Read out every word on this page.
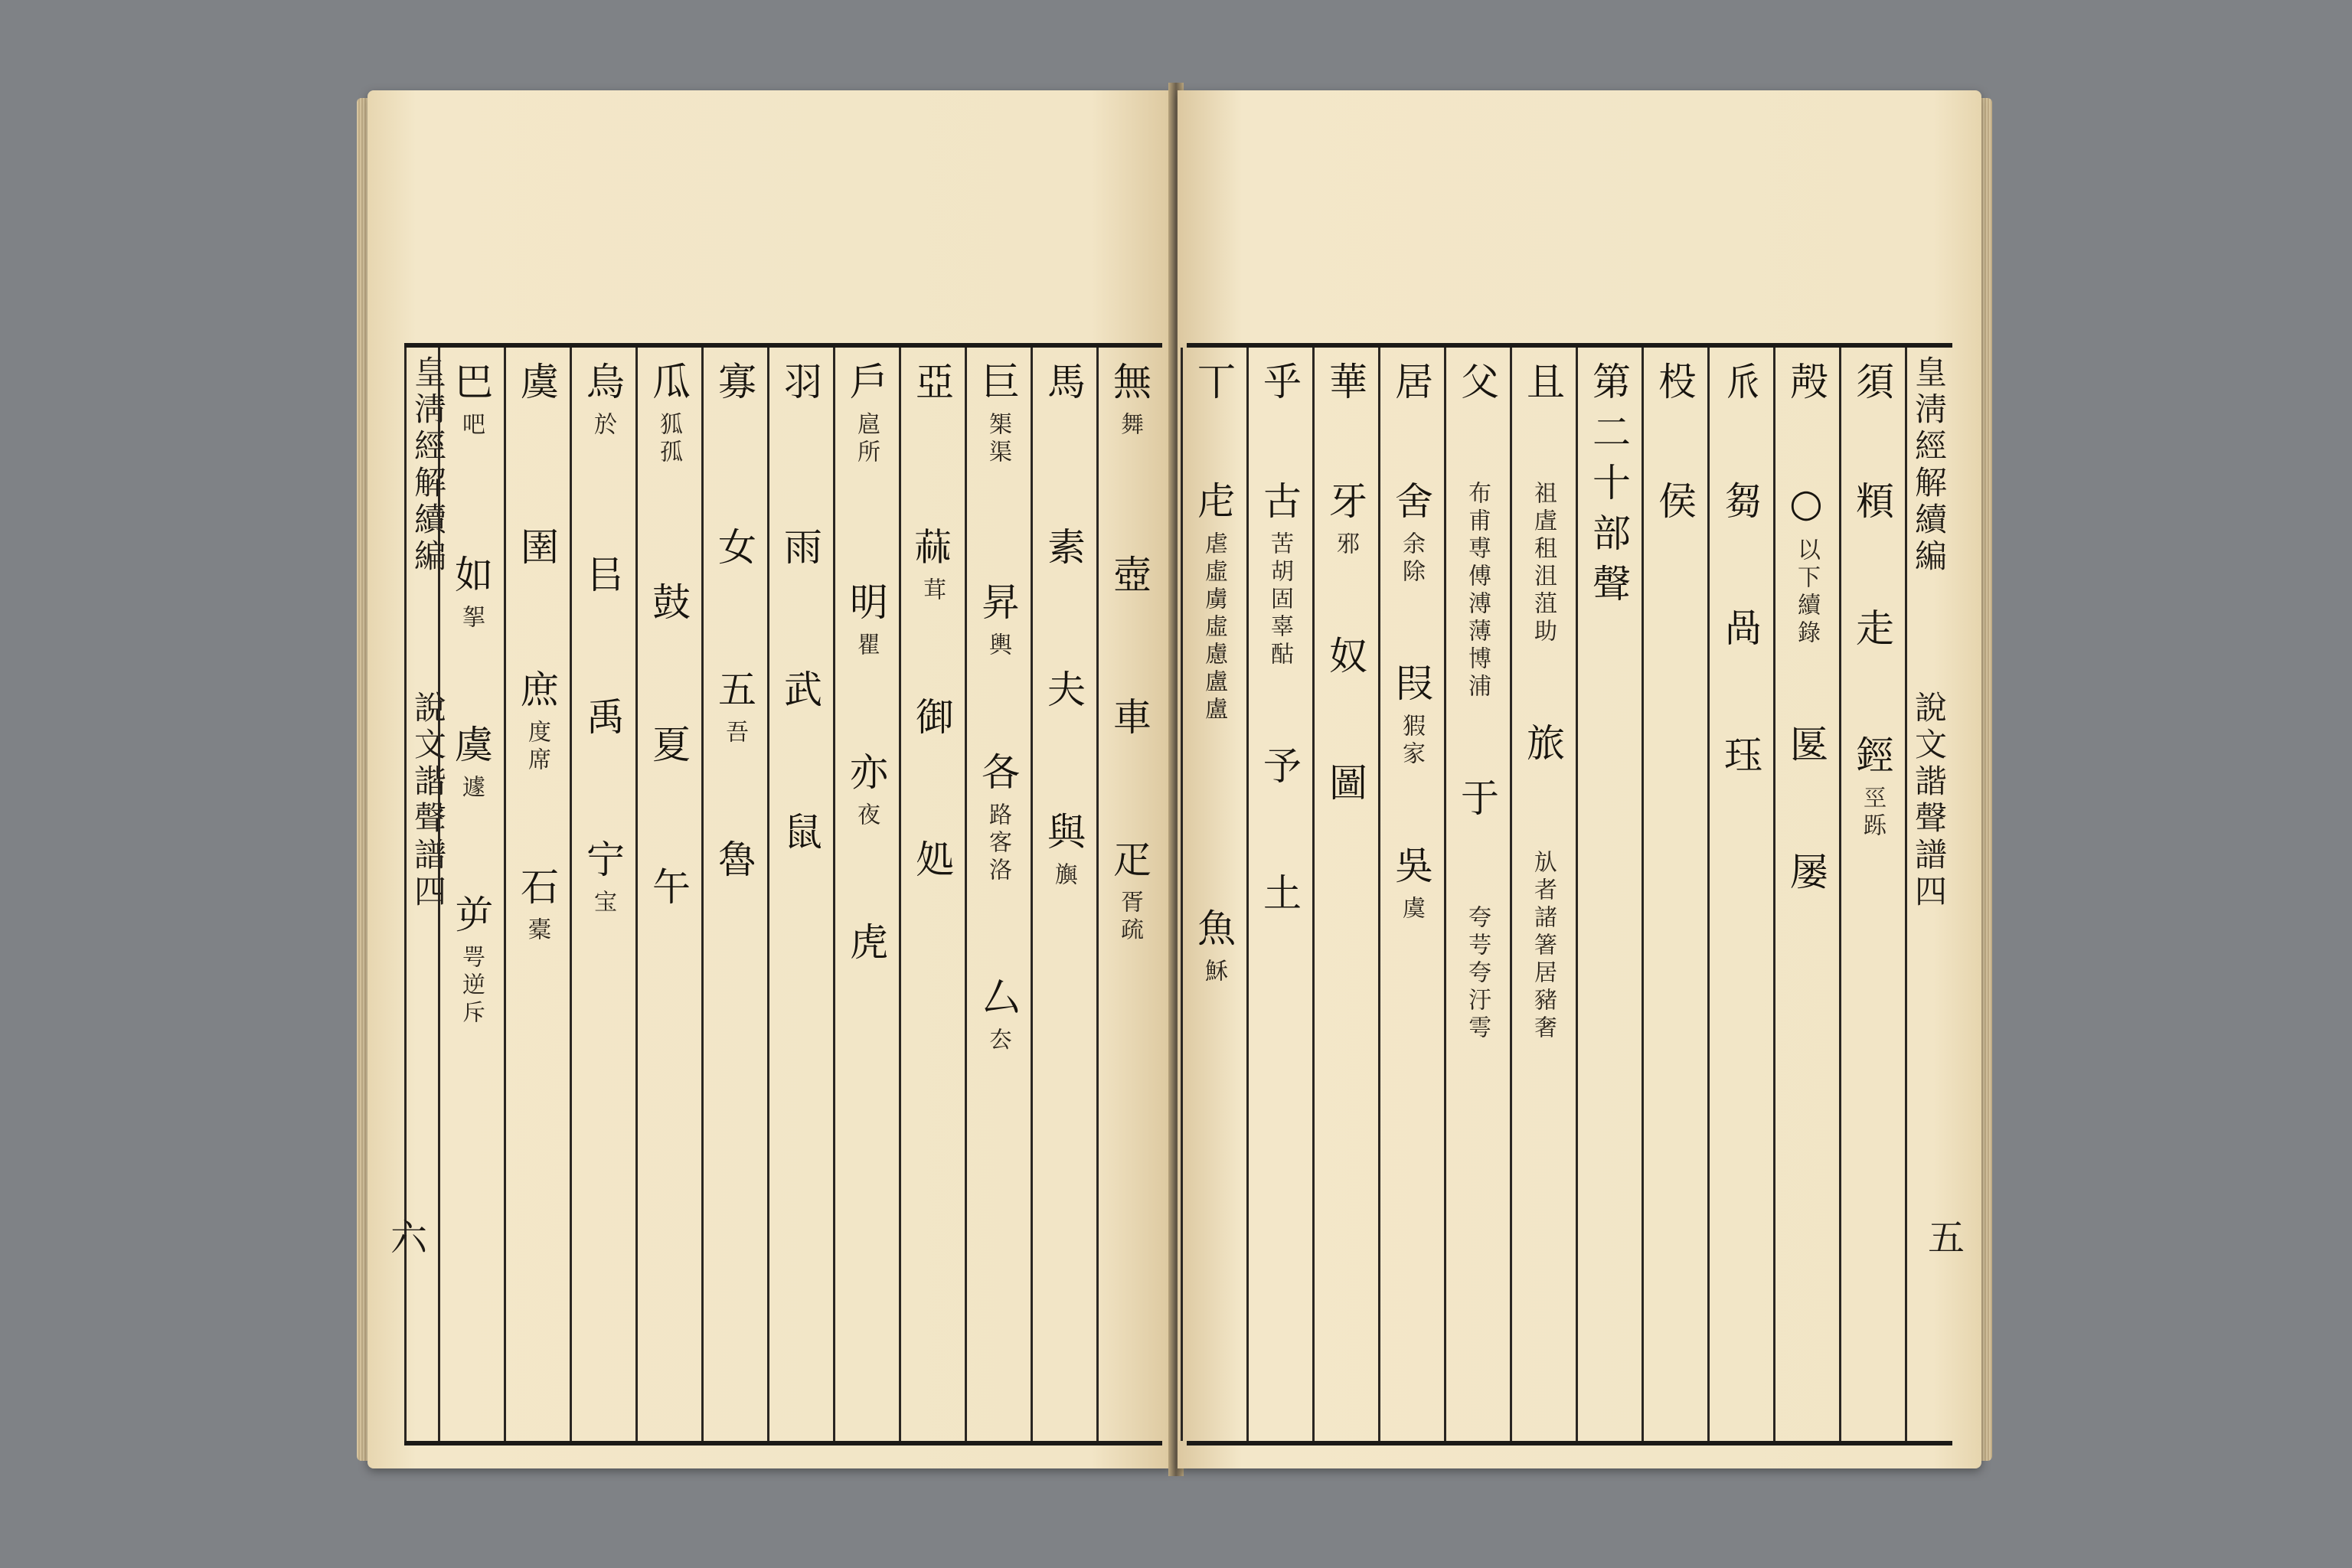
皇淸經解續編  說文諧聲譜四
無舞壺車疋胥疏
馬素夫與旟
巨榘渠昇輿各路客洛厶厺
亞𦱍茸御処
戶扈所明瞿亦夜虎
羽雨武鼠
寡女五吾魯
瓜狐孤鼓夏午
烏於㠯禹宁宝
虞圉庶度席石橐
巴吧如挐虞遽屰咢逆斥
六
皇淸經解續編  說文諧聲譜四
須頪走鋞巠跞
殸○以下續錄匽屡
𠂢芻咼珏
杸侯
第二十部聲
且祖虘租沮菹助旅㫃者諸箸居豬奢
父布甫尃傅溥薄博浦于夸芌夸汙雩
居舍余除叚猳家吳虞
華牙邪奴圖
乎古苦胡固辜酤予土
丅虍虐虛虜虛慮盧盧魚穌
五
